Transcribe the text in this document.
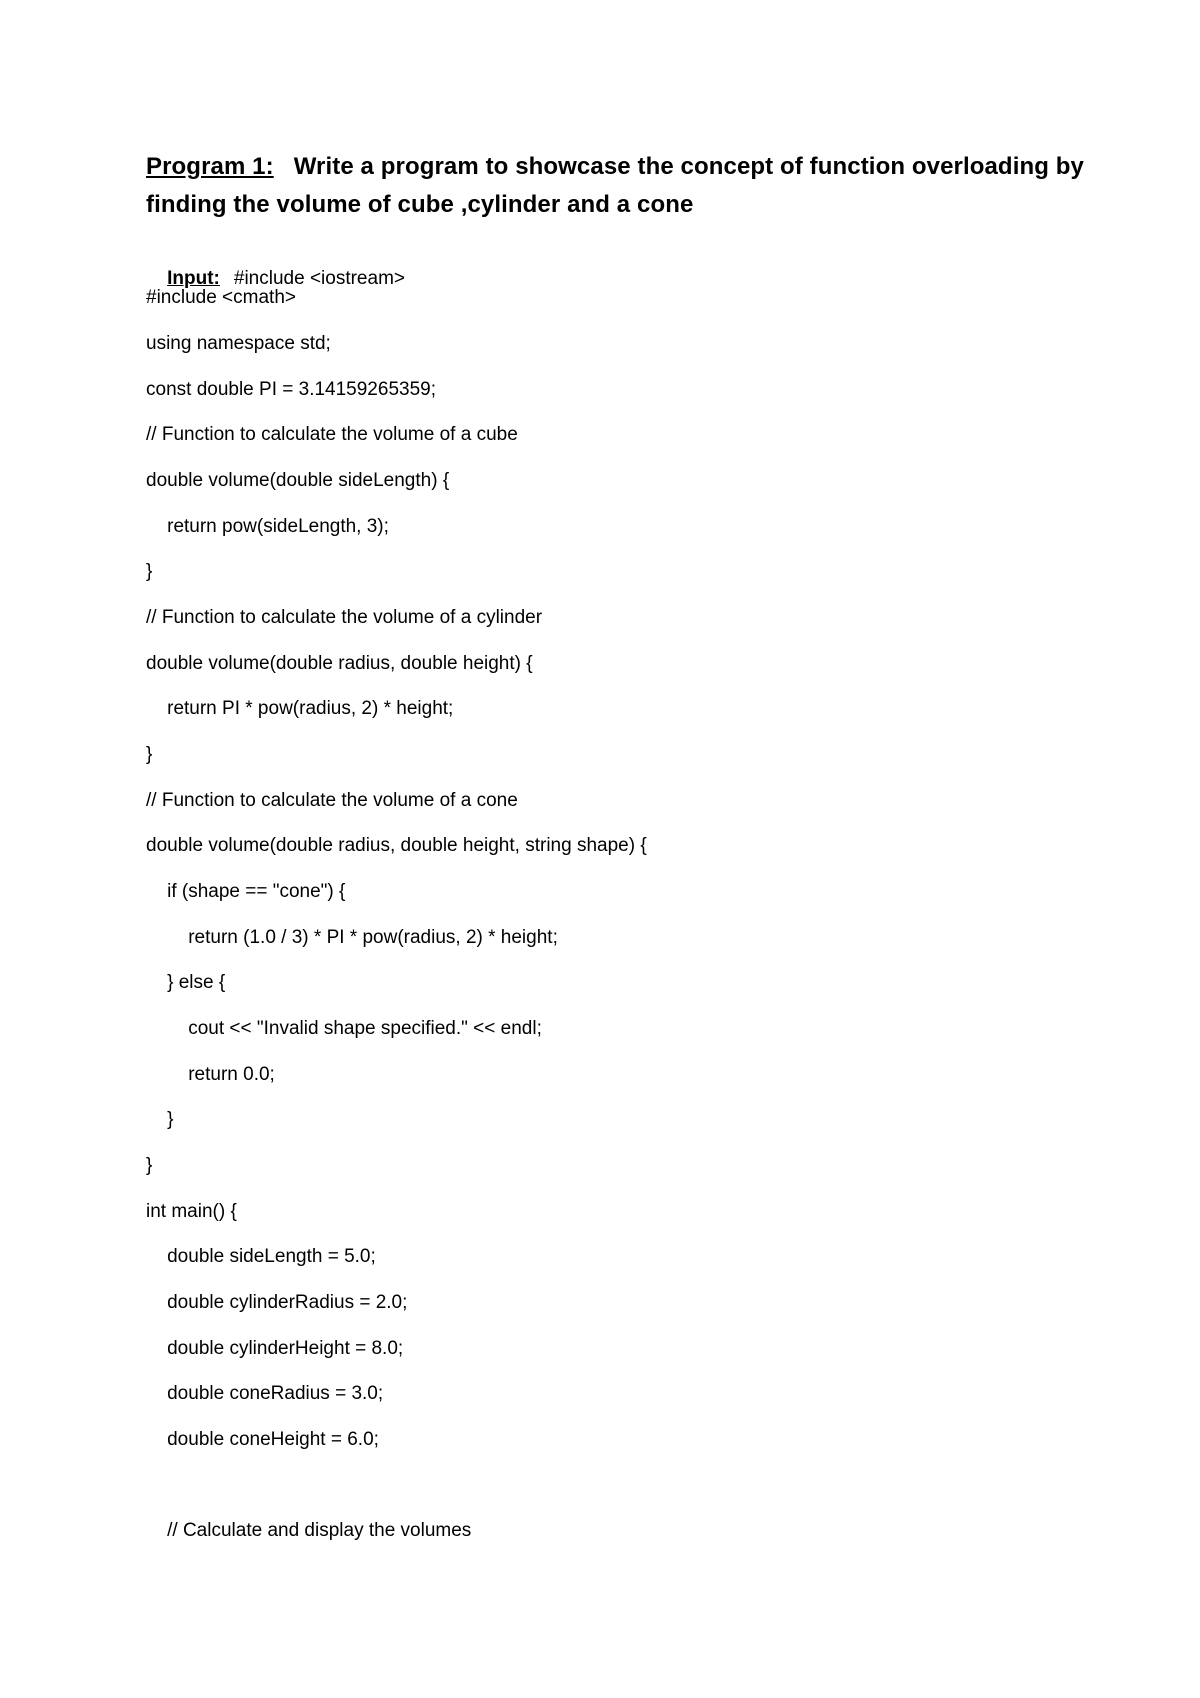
Program 1: Write a program to showcase the concept of function overloading by finding the volume of cube ,cylinder and a cone

Input: #include <iostream>

#include <cmath>
using namespace std;
const double PI = 3.14159265359;
// Function to calculate the volume of a cube
double volume(double sideLength) {
return pow(sideLength, 3);
}
// Function to calculate the volume of a cylinder
double volume(double radius, double height) {
return PI * pow(radius, 2) * height;
}
// Function to calculate the volume of a cone
double volume(double radius, double height, string shape) {
if (shape == "cone") {
return (1.0 / 3) * PI * pow(radius, 2) * height;
} else {
cout << "Invalid shape specified." << endl;
return 0.0;
}
}
int main() {
double sideLength = 5.0;
double cylinderRadius = 2.0;
double cylinderHeight = 8.0;
double coneRadius = 3.0;
double coneHeight = 6.0;
// Calculate and display the volumes
